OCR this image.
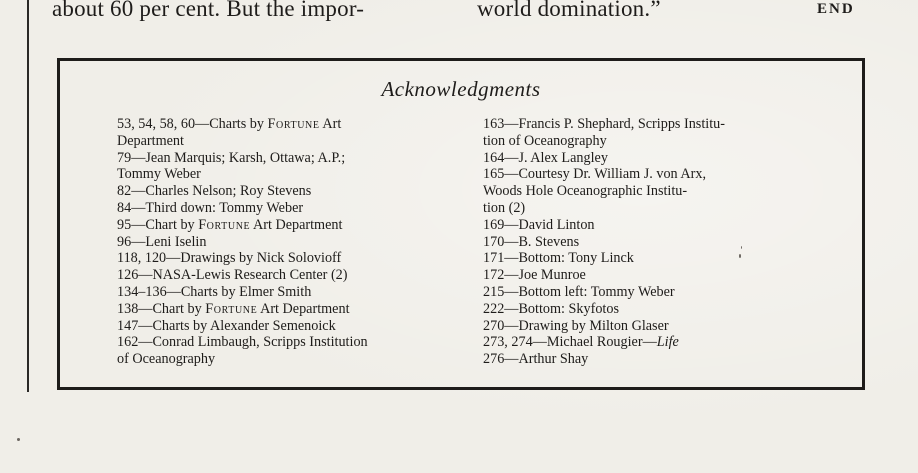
about 60 per cent. But the impor-	world domination.”	END
Acknowledgments
53, 54, 58, 60—Charts by Fortune Art
Department
79—Jean Marquis; Karsh, Ottawa; A.P.;
Tommy Weber
82—Charles Nelson; Roy Stevens
84—Third down: Tommy Weber
95—Chart by Fortune Art Department
96—Leni Iselin
118, 120—Drawings by Nick Solovioff
126—NASA-Lewis Research Center (2)
134–136—Charts by Elmer Smith
138—Chart by Fortune Art Department
147—Charts by Alexander Semenoick
162—Conrad Limbaugh, Scripps Institution
of Oceanography
163—Francis P. Shephard, Scripps Institu-
tion of Oceanography
164—J. Alex Langley
165—Courtesy Dr. William J. von Arx,
Woods Hole Oceanographic Institu-
tion (2)
169—David Linton
170—B. Stevens
171—Bottom: Tony Linck
172—Joe Munroe
215—Bottom left: Tommy Weber
222—Bottom: Skyfotos
270—Drawing by Milton Glaser
273, 274—Michael Rougier—Life
276—Arthur Shay
